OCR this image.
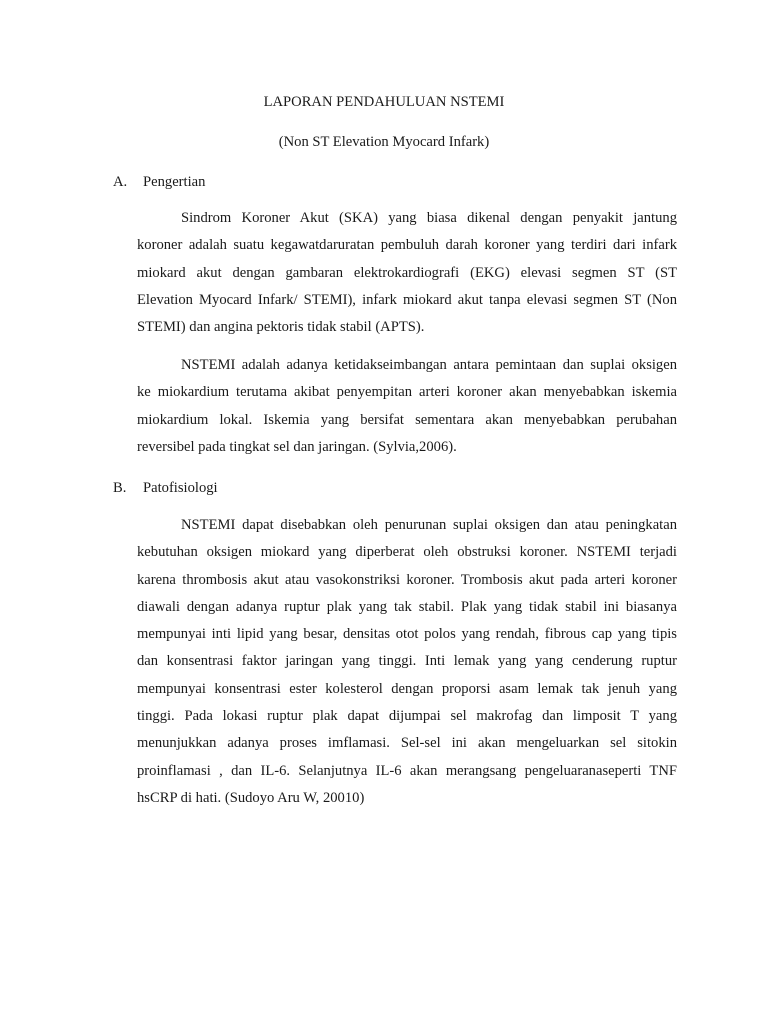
LAPORAN PENDAHULUAN NSTEMI
(Non ST Elevation Myocard Infark)
A. Pengertian
Sindrom Koroner Akut (SKA) yang biasa dikenal dengan penyakit jantung
koroner adalah suatu kegawatdaruratan pembuluh darah koroner yang terdiri dari infark
miokard akut dengan gambaran elektrokardiografi (EKG) elevasi segmen ST (ST
Elevation Myocard Infark/ STEMI), infark miokard akut tanpa elevasi segmen ST (Non
STEMI) dan angina pektoris tidak stabil (APTS).
NSTEMI adalah adanya ketidakseimbangan antara pemintaan dan suplai oksigen
ke miokardium terutama akibat penyempitan arteri koroner akan menyebabkan iskemia
miokardium lokal. Iskemia yang bersifat sementara akan menyebabkan perubahan
reversibel pada tingkat sel dan jaringan. (Sylvia,2006).
B. Patofisiologi
NSTEMI dapat disebabkan oleh penurunan suplai oksigen dan atau peningkatan
kebutuhan oksigen miokard yang diperberat oleh obstruksi koroner. NSTEMI terjadi
karena thrombosis akut atau vasokonstriksi koroner. Trombosis akut pada arteri koroner
diawali dengan adanya ruptur plak yang tak stabil. Plak yang tidak stabil ini biasanya
mempunyai inti lipid yang besar, densitas otot polos yang rendah, fibrous cap yang tipis
dan konsentrasi faktor jaringan yang tinggi. Inti lemak yang yang cenderung ruptur
mempunyai konsentrasi ester kolesterol dengan proporsi asam lemak tak jenuh yang
tinggi. Pada lokasi ruptur plak dapat dijumpai sel makrofag dan limposit T yang
menunjukkan adanya proses imflamasi. Sel-sel ini akan mengeluarkan sel sitokin
proinflamasi , dan IL-6. Selanjutnya IL-6 akan merangsang pengeluaranaseperti TNF
hsCRP di hati. (Sudoyo Aru W, 20010)
